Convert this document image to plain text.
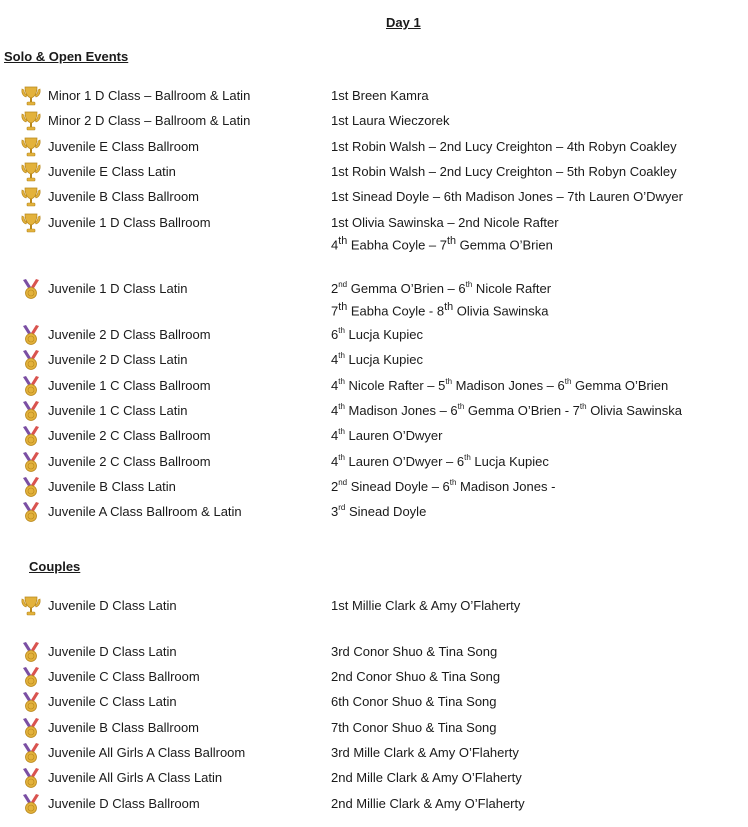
Day 1
Solo & Open Events
Minor 1 D Class – Ballroom & Latin	1st Breen Kamra
Minor 2 D Class – Ballroom & Latin	1st Laura Wieczorek
Juvenile E Class Ballroom	1st Robin Walsh – 2nd Lucy Creighton – 4th Robyn Coakley
Juvenile E Class Latin	1st Robin Walsh – 2nd Lucy Creighton – 5th Robyn Coakley
Juvenile B Class Ballroom	1st Sinead Doyle – 6th Madison Jones – 7th Lauren O’Dwyer
Juvenile 1 D Class Ballroom	1st Olivia Sawinska – 2nd Nicole Rafter
4th Eabha Coyle – 7th Gemma O’Brien
Juvenile 1 D Class Latin	2nd Gemma O’Brien – 6th Nicole Rafter
7th Eabha Coyle - 8th Olivia Sawinska
Juvenile 2 D Class Ballroom	6th Lucja Kupiec
Juvenile 2 D Class Latin	4th Lucja Kupiec
Juvenile 1 C Class Ballroom	4th Nicole Rafter – 5th Madison Jones – 6th Gemma O’Brien
Juvenile 1 C Class Latin	4th Madison Jones – 6th Gemma O’Brien - 7th Olivia Sawinska
Juvenile 2 C Class Ballroom	4th Lauren O’Dwyer
Juvenile 2 C Class Ballroom	4th Lauren O’Dwyer – 6th Lucja Kupiec
Juvenile B Class Latin	2nd Sinead Doyle – 6th Madison Jones -
Juvenile A Class Ballroom & Latin	3rd Sinead Doyle
Couples
Juvenile D Class Latin	1st Millie Clark & Amy O’Flaherty
Juvenile D Class Latin	3rd Conor Shuo & Tina Song
Juvenile C Class Ballroom	2nd Conor Shuo & Tina Song
Juvenile C Class Latin	6th Conor Shuo & Tina Song
Juvenile B Class Ballroom	7th Conor Shuo & Tina Song
Juvenile All Girls A Class Ballroom	3rd Mille Clark & Amy O’Flaherty
Juvenile All Girls A Class Latin	2nd Mille Clark & Amy O’Flaherty
Juvenile D Class Ballroom	2nd Millie Clark & Amy O’Flaherty
